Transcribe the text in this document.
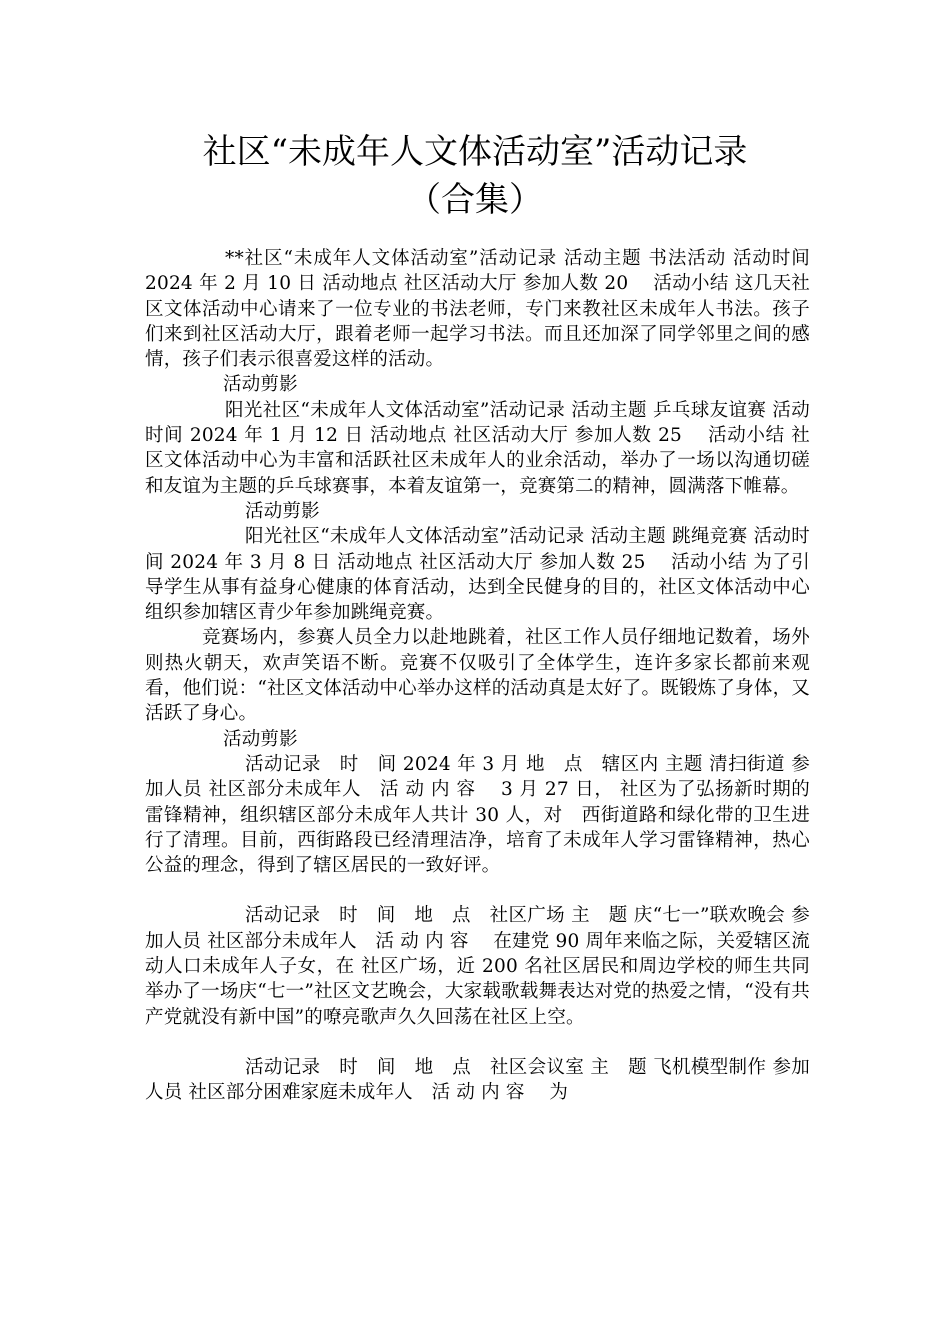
社区“未成年人文体活动室”活动记录
（合集）

**社区“未成年人文体活动室”活动记录 活动主题 书法活动 活动时间 2024 年 2 月 10 日 活动地点 社区活动大厅 参加人数 20　 活动小结 这几天社区文体活动中心请来了一位专业的书法老师，专门来教社区未成年人书法。孩子们来到社区活动大厅，跟着老师一起学习书法。而且还加深了同学邻里之间的感情，孩子们表示很喜爱这样的活动。

活动剪影

阳光社区“未成年人文体活动室”活动记录 活动主题 乒乓球友谊赛 活动时间 2024 年 1 月 12 日 活动地点 社区活动大厅 参加人数 25　 活动小结 社区文体活动中心为丰富和活跃社区未成年人的业余活动，举办了一场以沟通切磋和友谊为主题的乒乓球赛事，本着友谊第一，竞赛第二的精神，圆满落下帷幕。

活动剪影

阳光社区“未成年人文体活动室”活动记录 活动主题 跳绳竞赛 活动时间 2024 年 3 月 8 日 活动地点 社区活动大厅 参加人数 25　 活动小结 为了引导学生从事有益身心健康的体育活动，达到全民健身的目的，社区文体活动中心组织参加辖区青少年参加跳绳竞赛。

竞赛场内，参赛人员全力以赴地跳着，社区工作人员仔细地记数着，场外则热火朝天，欢声笑语不断。竞赛不仅吸引了全体学生，连许多家长都前来观看，他们说：“社区文体活动中心举办这样的活动真是太好了。既锻炼了身体，又活跃了身心。

活动剪影

活动记录　时　间 2024 年 3 月 地　点　辖区内 主题 清扫街道 参加人员 社区部分未成年人　活 动 内 容　 3 月 27 日， 社区为了弘扬新时期的雷锋精神，组织辖区部分未成年人共计 30 人，对　西街道路和绿化带的卫生进行了清理。目前，西街路段已经清理洁净，培育了未成年人学习雷锋精神，热心公益的理念，得到了辖区居民的一致好评。

活动记录　时　间　地　点　社区广场 主　题 庆“七一”联欢晚会 参加人员 社区部分未成年人　活 动 内 容　 在建党 90 周年来临之际，关爱辖区流动人口未成年人子女，在 社区广场，近 200 名社区居民和周边学校的师生共同举办了一场庆“七一”社区文艺晚会，大家载歌载舞表达对党的热爱之情，“没有共产党就没有新中国”的嘹亮歌声久久回荡在社区上空。

活动记录　时　间　地　点　社区会议室 主　题 飞机模型制作 参加人员 社区部分困难家庭未成年人　活 动 内 容　 为
